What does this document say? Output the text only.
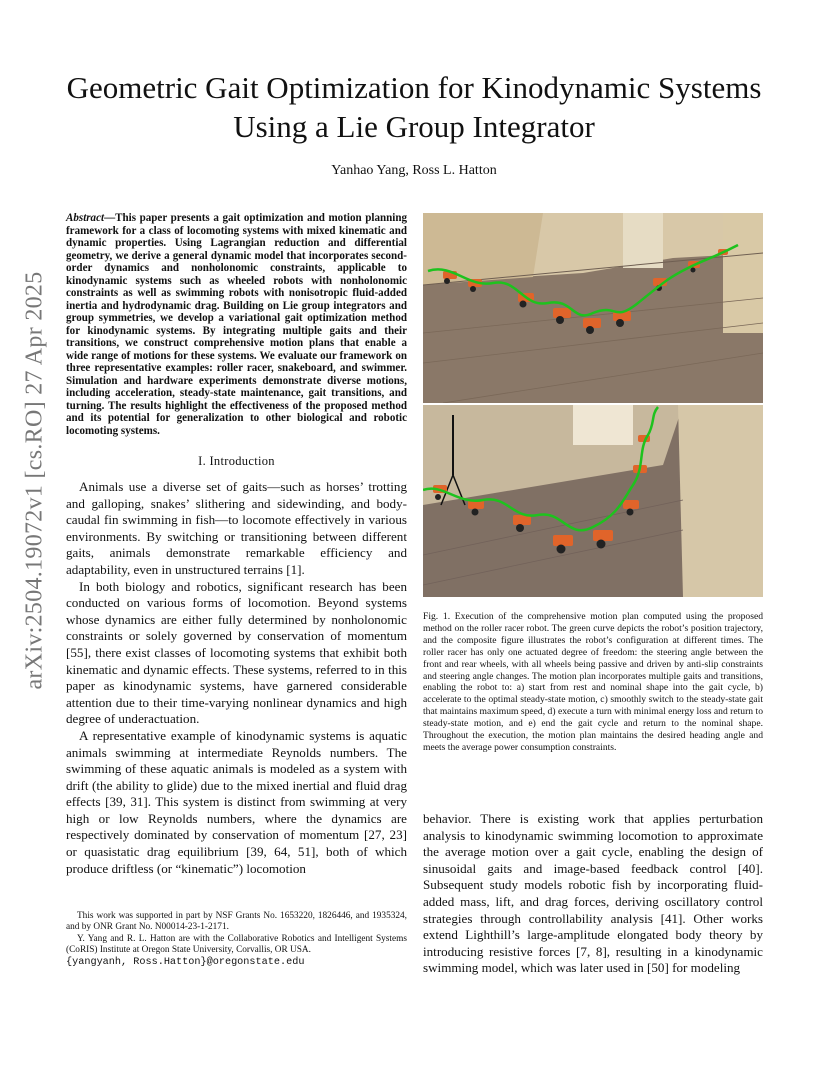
arXiv:2504.19072v1 [cs.RO] 27 Apr 2025
Geometric Gait Optimization for Kinodynamic Systems Using a Lie Group Integrator
Yanhao Yang, Ross L. Hatton

Abstract—This paper presents a gait optimization and motion planning framework for a class of locomoting systems with mixed kinematic and dynamic properties. Using Lagrangian reduction and differential geometry, we derive a general dynamic model that incorporates second-order dynamics and nonholonomic constraints, applicable to kinodynamic systems such as wheeled robots with nonholonomic constraints as well as swimming robots with nonisotropic fluid-added inertia and hydrodynamic drag. Building on Lie group integrators and group symmetries, we develop a variational gait optimization method for kinodynamic systems. By integrating multiple gaits and their transitions, we construct comprehensive motion plans that enable a wide range of motions for these systems. We evaluate our framework on three representative examples: roller racer, snakeboard, and swimmer. Simulation and hardware experiments demonstrate diverse motions, including acceleration, steady-state maintenance, gait transitions, and turning. The results highlight the effectiveness of the proposed method and its potential for generalization to other biological and robotic locomoting systems.

I. Introduction

Animals use a diverse set of gaits—such as horses’ trotting and galloping, snakes’ slithering and sidewinding, and body-caudal fin swimming in fish—to locomote effectively in various environments. By switching or transitioning between different gaits, animals demonstrate remarkable efficiency and adaptability, even in unstructured terrains [1].

In both biology and robotics, significant research has been conducted on various forms of locomotion. Beyond systems whose dynamics are either fully determined by nonholonomic constraints or solely governed by conservation of momentum [55], there exist classes of locomoting systems that exhibit both kinematic and dynamic effects. These systems, referred to in this paper as kinodynamic systems, have garnered considerable attention due to their time-varying nonlinear dynamics and high degree of underactuation.

A representative example of kinodynamic systems is aquatic animals swimming at intermediate Reynolds numbers. The swimming of these aquatic animals is modeled as a system with drift (the ability to glide) due to the mixed inertial and fluid drag effects [39, 31]. This system is distinct from swimming at very high or low Reynolds numbers, where the dynamics are respectively dominated by conservation of momentum [27, 23] or quasistatic drag equilibrium [39, 64, 51], both of which produce driftless (or “kinematic”) locomotion

This work was supported in part by NSF Grants No. 1653220, 1826446, and 1935324, and by ONR Grant No. N00014-23-1-2171.

Y. Yang and R. L. Hatton are with the Collaborative Robotics and Intelligent Systems (CoRIS) Institute at Oregon State University, Corvallis, OR USA.

{yangyanh, Ross.Hatton}@oregonstate.edu

Fig. 1. Execution of the comprehensive motion plan computed using the proposed method on the roller racer robot. The green curve depicts the robot’s position trajectory, and the composite figure illustrates the robot’s configuration at different times. The roller racer has only one actuated degree of freedom: the steering angle between the front and rear wheels, with all wheels being passive and driven by anti-slip constraints and steering angle changes. The motion plan incorporates multiple gaits and transitions, enabling the robot to: a) start from rest and nominal shape into the gait cycle, b) accelerate to the optimal steady-state motion, c) smoothly switch to the steady-state gait that maintains maximum speed, d) execute a turn with minimal energy loss and return to steady-state motion, and e) end the gait cycle and return to the nominal shape. Throughout the execution, the motion plan maintains the desired heading angle and meets the average power consumption constraints.

behavior. There is existing work that applies perturbation analysis to kinodynamic swimming locomotion to approximate the average motion over a gait cycle, enabling the design of sinusoidal gaits and image-based feedback control [40]. Subsequent study models robotic fish by incorporating fluid-added mass, lift, and drag forces, deriving oscillatory control strategies through controllability analysis [41]. Other works extend Lighthill’s large-amplitude elongated body theory by introducing resistive forces [7, 8], resulting in a kinodynamic swimming model, which was later used in [50] for modeling
